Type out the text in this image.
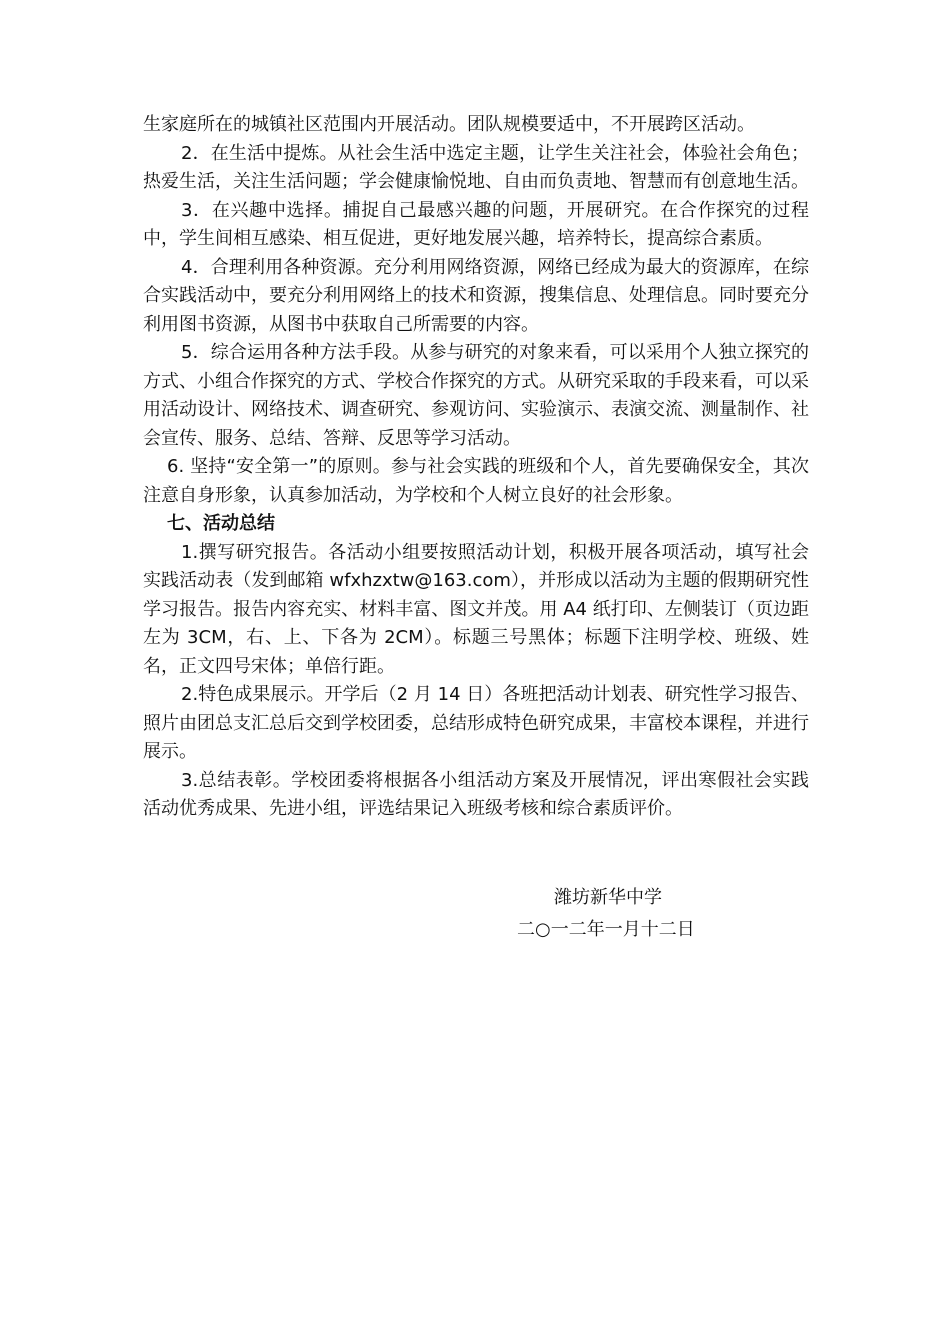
生家庭所在的城镇社区范围内开展活动。团队规模要适中，不开展跨区活动。

2．在生活中提炼。从社会生活中选定主题，让学生关注社会，体验社会角色；热爱生活，关注生活问题；学会健康愉悦地、自由而负责地、智慧而有创意地生活。

3．在兴趣中选择。捕捉自己最感兴趣的问题，开展研究。在合作探究的过程中，学生间相互感染、相互促进，更好地发展兴趣，培养特长，提高综合素质。

4．合理利用各种资源。充分利用网络资源，网络已经成为最大的资源库，在综合实践活动中，要充分利用网络上的技术和资源，搜集信息、处理信息。同时要充分利用图书资源，从图书中获取自己所需要的内容。

5．综合运用各种方法手段。从参与研究的对象来看，可以采用个人独立探究的方式、小组合作探究的方式、学校合作探究的方式。从研究采取的手段来看，可以采用活动设计、网络技术、调查研究、参观访问、实验演示、表演交流、测量制作、社会宣传、服务、总结、答辩、反思等学习活动。

6. 坚持“安全第一”的原则。参与社会实践的班级和个人，首先要确保安全，其次注意自身形象，认真参加活动，为学校和个人树立良好的社会形象。

七、活动总结

1.撰写研究报告。各活动小组要按照活动计划，积极开展各项活动，填写社会实践活动表（发到邮箱 wfxhzxtw@163.com），并形成以活动为主题的假期研究性学习报告。报告内容充实、材料丰富、图文并茂。用 A4 纸打印、左侧装订（页边距左为 3CM，右、上、下各为 2CM）。标题三号黑体；标题下注明学校、班级、姓名，正文四号宋体；单倍行距。

2.特色成果展示。开学后（2 月 14 日）各班把活动计划表、研究性学习报告、照片由团总支汇总后交到学校团委，总结形成特色研究成果，丰富校本课程，并进行展示。

3.总结表彰。学校团委将根据各小组活动方案及开展情况，评出寒假社会实践活动优秀成果、先进小组，评选结果记入班级考核和综合素质评价。

潍坊新华中学
二○一二年一月十二日
